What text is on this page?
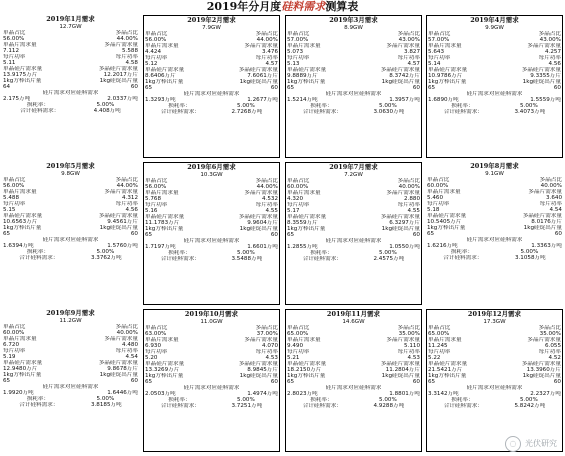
2019年分月度硅料需求测算表
2019年1月需求
12.7GW
单晶占比	多晶占比
56.00%	44.00%
单晶片需求量	多晶片需求量
7.112	5.588
每片功率	每片功率
5.11	4.58
单晶硅片需求量	多晶硅片需求量
13.9175万片	12.2017万片
1kg方棒出片量	1kg硅锭出片量
64	60
硅片需求对应硅料需求
2.175万吨	2.0337万吨
损耗率：	5.00%
合计硅料需求：	4.408万吨
2019年2月需求
7.9GW
单晶占比	多晶占比
56.00%	44.00%
单晶片需求量	多晶片需求量
4.424	3.476
每片功率	每片功率
5.12	4.57
单晶硅片需求量	多晶硅片需求量
8.6406万片	7.6061万片
1kg方棒出片量	1kg硅锭出片量
65	60
硅片需求对应硅料需求
1.3293万吨	1.2677万吨
损耗率：	5.00%
合计硅料需求：	2.7268万吨
2019年3月需求
8.9GW
单晶占比	多晶占比
57.00%	43.00%
单晶片需求量	多晶片需求量
5.073	3.827
每片功率	每片功率
5.13	4.57
单晶硅片需求量	多晶硅片需求量
9.8889万片	8.3742万片
1kg方棒出片量	1kg硅锭出片量
65	60
硅片需求对应硅料需求
1.5214万吨	1.3957万吨
损耗率：	5.00%
合计硅料需求：	3.0630万吨
2019年4月需求
9.9GW
单晶占比	多晶占比
57.00%	43.00%
单晶片需求量	多晶片需求量
5.643	4.257
每片功率	每片功率
5.14	4.56
单晶硅片需求量	多晶硅片需求量
10.9786万片	9.3355万片
1kg方棒出片量	1kg硅锭出片量
65	60
硅片需求对应硅料需求
1.6890万吨	1.5559万吨
损耗率：	5.00%
合计硅料需求：	3.4073万吨
2019年5月需求
9.8GW
单晶占比	多晶占比
56.00%	44.00%
单晶片需求量	多晶片需求量
5.488	4.312
每片功率	每片功率
5.15	4.56
单晶硅片需求量	多晶硅片需求量
10.6563万片	9.4561万片
1kg方棒出片量	1kg硅锭出片量
65	60
硅片需求对应硅料需求
1.6394万吨	1.5760万吨
损耗率：	5.00%
合计硅料需求：	3.3762万吨
2019年6月需求
10.3GW
单晶占比	多晶占比
56.00%	44.00%
单晶片需求量	多晶片需求量
5.768	4.532
每片功率	每片功率
5.16	4.55
单晶硅片需求量	多晶硅片需求量
11.1783万片	9.9604万片
1kg方棒出片量	1kg硅锭出片量
65	60
硅片需求对应硅料需求
1.7197万吨	1.6601万吨
损耗率：	5.00%
合计硅料需求：	3.5488万吨
2019年7月需求
7.2GW
单晶占比	多晶占比
60.00%	40.00%
单晶片需求量	多晶片需求量
4.320	2.880
每片功率	每片功率
5.17	4.55
单晶硅片需求量	多晶硅片需求量
8.3559万片	6.3297万片
1kg方棒出片量	1kg硅锭出片量
65	60
硅片需求对应硅料需求
1.2855万吨	1.0550万吨
损耗率：	5.00%
合计硅料需求：	2.4575万吨
2019年8月需求
9.1GW
单晶占比	多晶占比
60.00%	40.00%
单晶片需求量	多晶片需求量
5.460	3.640
每片功率	每片功率
5.18	4.54
单晶硅片需求量	多晶硅片需求量
10.5405万片	8.0176万片
1kg方棒出片量	1kg硅锭出片量
65	60
硅片需求对应硅料需求
1.6216万吨	1.3363万吨
损耗率：	5.00%
合计硅料需求：	3.1058万吨
2019年9月需求
11.2GW
单晶占比	多晶占比
60.00%	40.00%
单晶片需求量	多晶片需求量
6.720	4.480
每片功率	每片功率
5.19	4.54
单晶硅片需求量	多晶硅片需求量
12.9480万片	9.8678万片
1kg方棒出片量	1kg硅锭出片量
65	60
硅片需求对应硅料需求
1.9920万吨	1.6446万吨
损耗率：	5.00%
合计硅料需求：	3.8185万吨
2019年10月需求
11.0GW
单晶占比	多晶占比
63.00%	37.00%
单晶片需求量	多晶片需求量
6.930	4.070
每片功率	每片功率
5.20	4.53
单晶硅片需求量	多晶硅片需求量
13.3269万片	8.9845万片
1kg方棒出片量	1kg硅锭出片量
65	60
硅片需求对应硅料需求
2.0503万吨	1.4974万吨
损耗率：	5.00%
合计硅料需求：	3.7251万吨
2019年11月需求
14.6GW
单晶占比	多晶占比
65.00%	35.00%
单晶片需求量	多晶片需求量
9.490	5.110
每片功率	每片功率
5.21	4.53
单晶硅片需求量	多晶硅片需求量
18.2150万片	11.2804万片
1kg方棒出片量	1kg硅锭出片量
65	60
硅片需求对应硅料需求
2.8023万吨	1.8801万吨
损耗率：	5.00%
合计硅料需求：	4.9288万吨
2019年12月需求
17.3GW
单晶占比	多晶占比
65.00%	35.00%
单晶片需求量	多晶片需求量
11.245	6.055
每片功率	每片功率
5.22	4.52
单晶硅片需求量	多晶硅片需求量
21.5421万片	13.3960万片
1kg方棒出片量	1kg硅锭出片量
65	60
硅片需求对应硅料需求
3.3142万吨	2.2327万吨
损耗率：	5.00%
合计硅料需求：	5.8242万吨
◌	光伏研究
